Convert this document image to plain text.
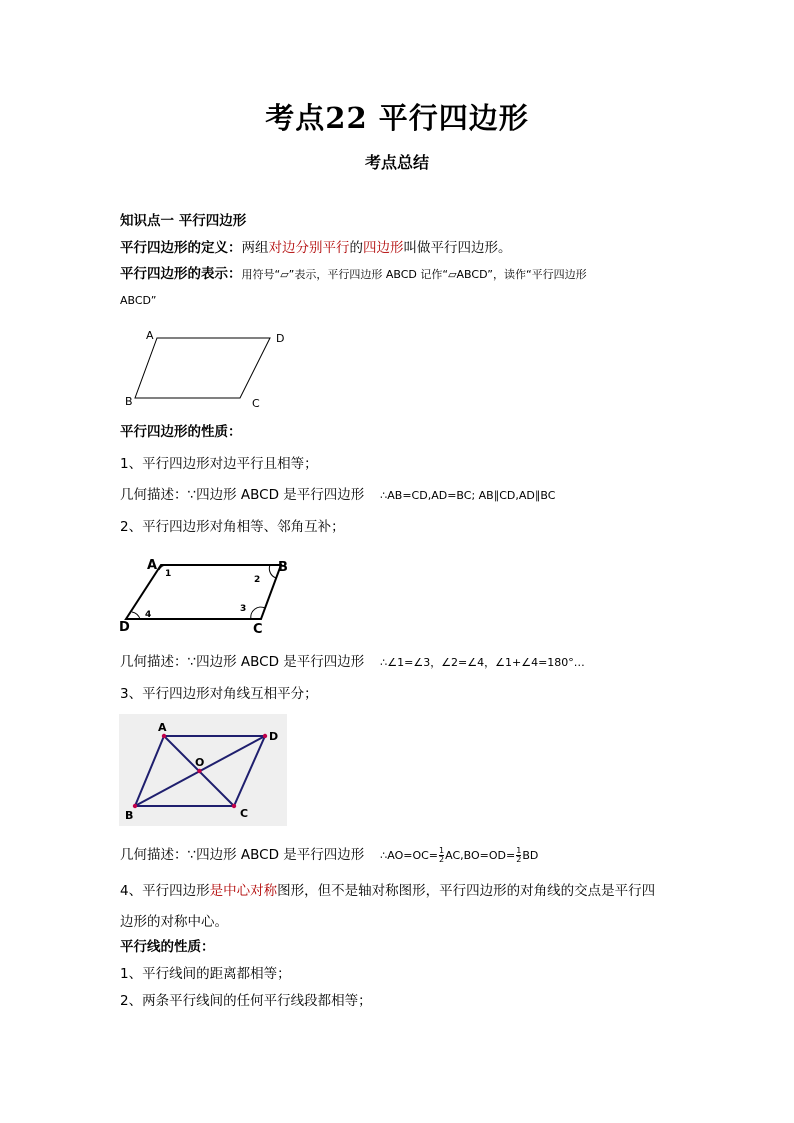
考点22 平行四边形
考点总结
知识点一 平行四边形
平行四边形的定义：两组对边分别平行的四边形叫做平行四边形。
平行四边形的表示：用符号“▱”表示，平行四边形 ABCD 记作“▱ABCD”，读作“平行四边形
ABCD”
A	D
B	C
平行四边形的性质：
1、平行四边形对边平行且相等；
几何描述：∵四边形 ABCD 是平行四边形 ∴AB=CD,AD=BC; AB∥CD,AD∥BC
2、平行四边形对角相等、邻角互补；
A	B
D	C
1
2
3
4
几何描述：∵四边形 ABCD 是平行四边形 ∴∠1=∠3，∠2=∠4，∠1+∠4=180°…
3、平行四边形对角线互相平分；
A
D
B	C
O
几何描述：∵四边形 ABCD 是平行四边形 ∴AO=OC= $\frac{1}{2} AC,BO=OD= \frac{1}{2}$ BD
4、平行四边形是中心对称图形，但不是轴对称图形，平行四边形的对角线的交点是平行四
边形的对称中心。
平行线的性质：
1、平行线间的距离都相等；
2、两条平行线间的任何平行线段都相等；
